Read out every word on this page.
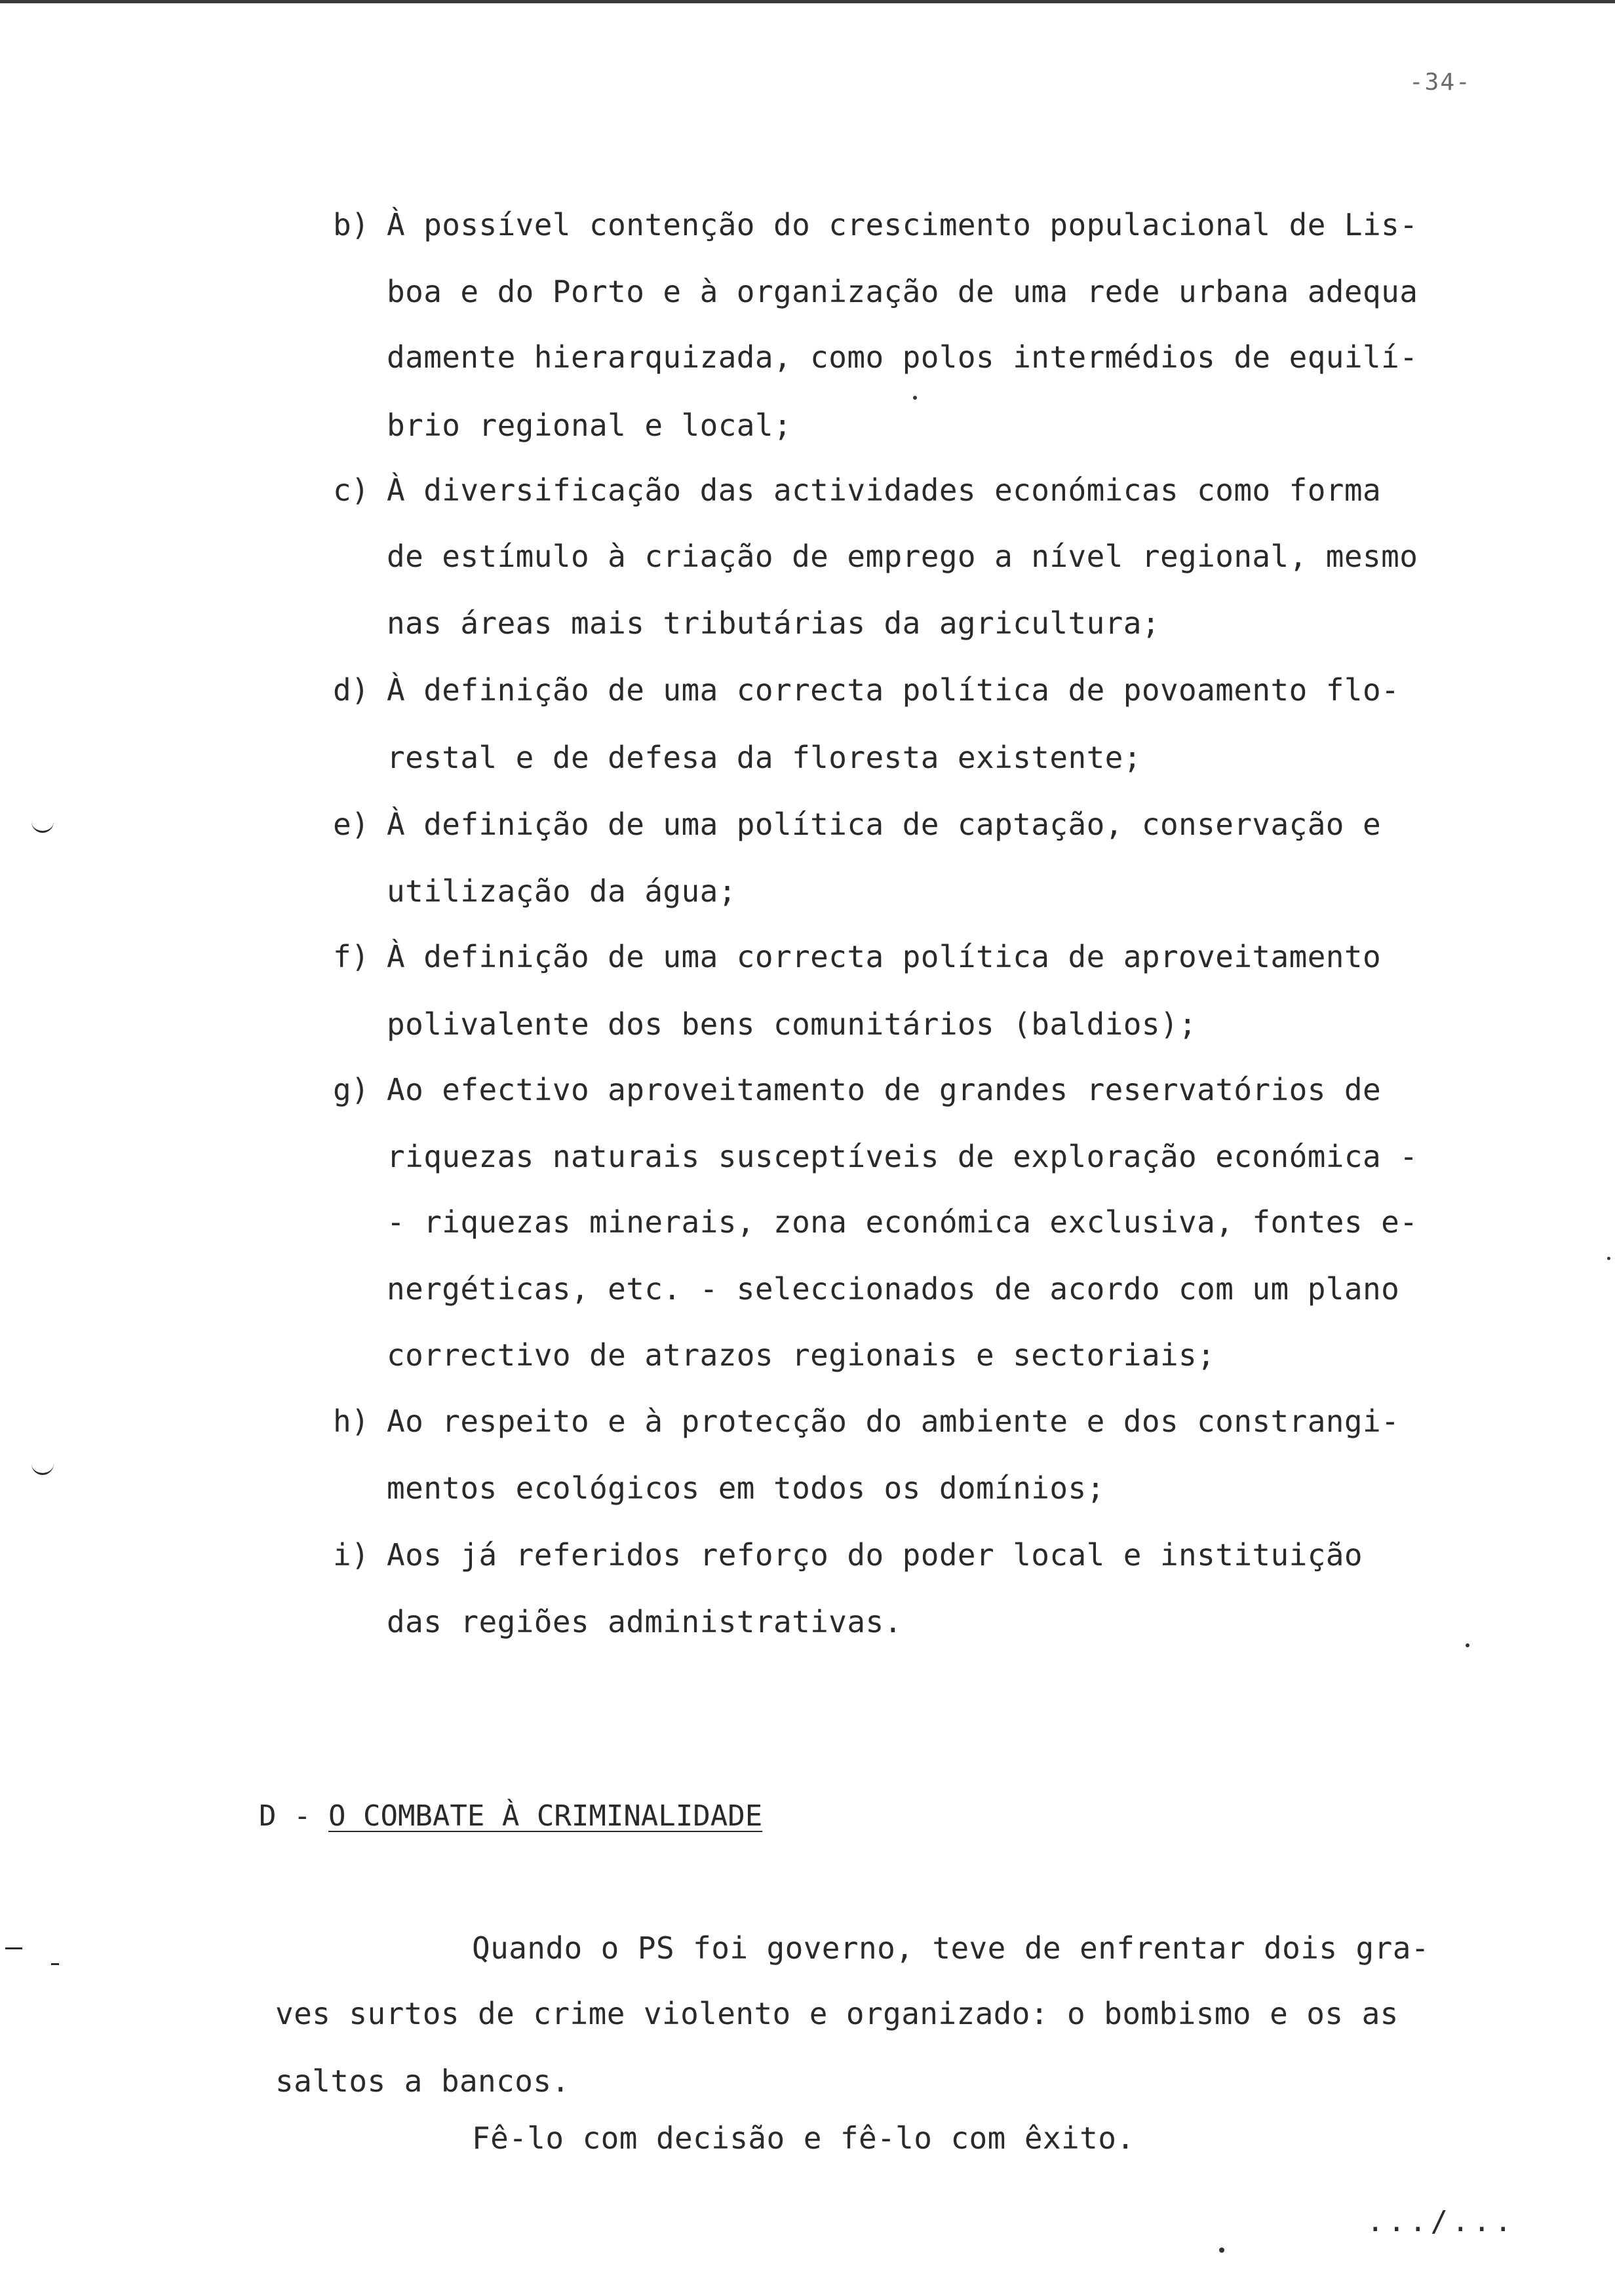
-34-
b) À possível contenção do crescimento populacional de Lis-
boa e do Porto e à organização de uma rede urbana adequa
damente hierarquizada, como polos intermédios de equilí-
brio regional e local;
c) À diversificação das actividades económicas como forma
de estímulo à criação de emprego a nível regional, mesmo
nas áreas mais tributárias da agricultura;
d) À definição de uma correcta política de povoamento flo-
restal e de defesa da floresta existente;
e) À definição de uma política de captação, conservação e
utilização da água;
f) À definição de uma correcta política de aproveitamento
polivalente dos bens comunitários (baldios);
g) Ao efectivo aproveitamento de grandes reservatórios de
riquezas naturais susceptíveis de exploração económica -
- riquezas minerais, zona económica exclusiva, fontes e-
nergéticas, etc. - seleccionados de acordo com um plano
correctivo de atrazos regionais e sectoriais;
h) Ao respeito e à protecção do ambiente e dos constrangi-
mentos ecológicos em todos os domínios;
i) Aos já referidos reforço do poder local e instituição
das regiões administrativas.
D - O COMBATE À CRIMINALIDADE
Quando o PS foi governo, teve de enfrentar dois gra-
ves surtos de crime violento e organizado: o bombismo e os as
saltos a bancos.
Fê-lo com decisão e fê-lo com êxito.
.../...
